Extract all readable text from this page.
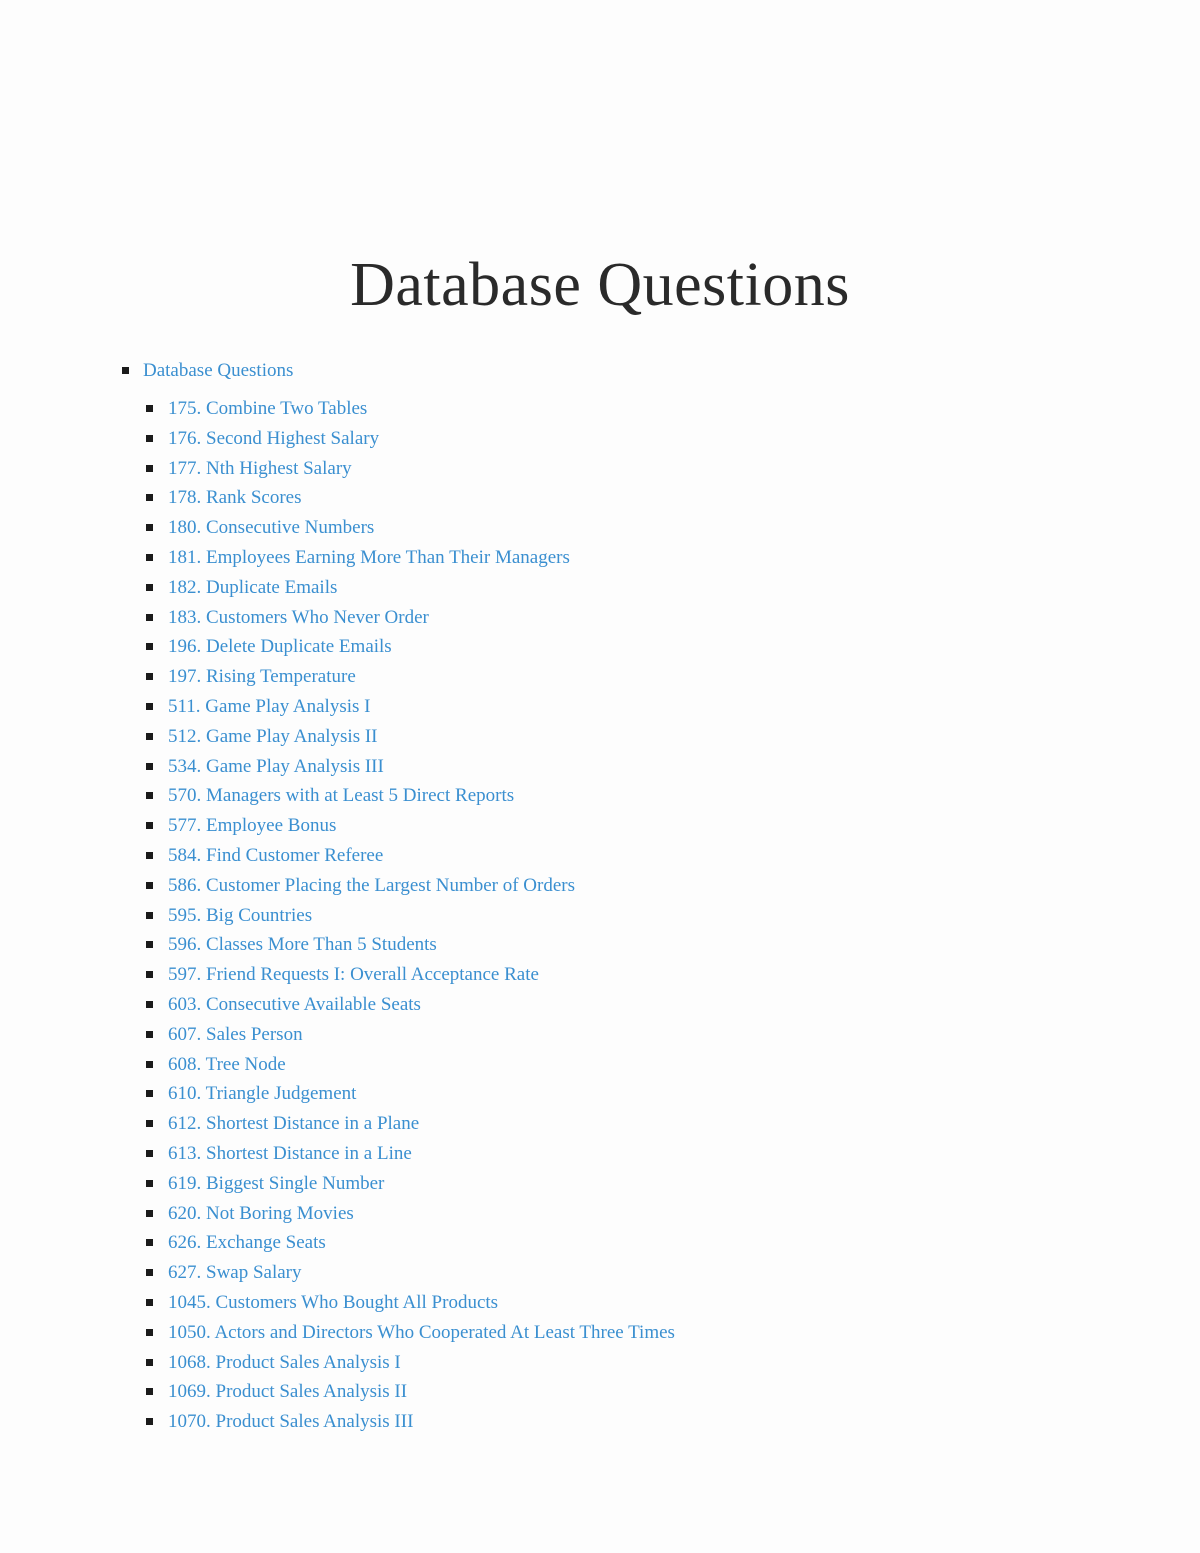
Database Questions
Database Questions
175. Combine Two Tables
176. Second Highest Salary
177. Nth Highest Salary
178. Rank Scores
180. Consecutive Numbers
181. Employees Earning More Than Their Managers
182. Duplicate Emails
183. Customers Who Never Order
196. Delete Duplicate Emails
197. Rising Temperature
511. Game Play Analysis I
512. Game Play Analysis II
534. Game Play Analysis III
570. Managers with at Least 5 Direct Reports
577. Employee Bonus
584. Find Customer Referee
586. Customer Placing the Largest Number of Orders
595. Big Countries
596. Classes More Than 5 Students
597. Friend Requests I: Overall Acceptance Rate
603. Consecutive Available Seats
607. Sales Person
608. Tree Node
610. Triangle Judgement
612. Shortest Distance in a Plane
613. Shortest Distance in a Line
619. Biggest Single Number
620. Not Boring Movies
626. Exchange Seats
627. Swap Salary
1045. Customers Who Bought All Products
1050. Actors and Directors Who Cooperated At Least Three Times
1068. Product Sales Analysis I
1069. Product Sales Analysis II
1070. Product Sales Analysis III
